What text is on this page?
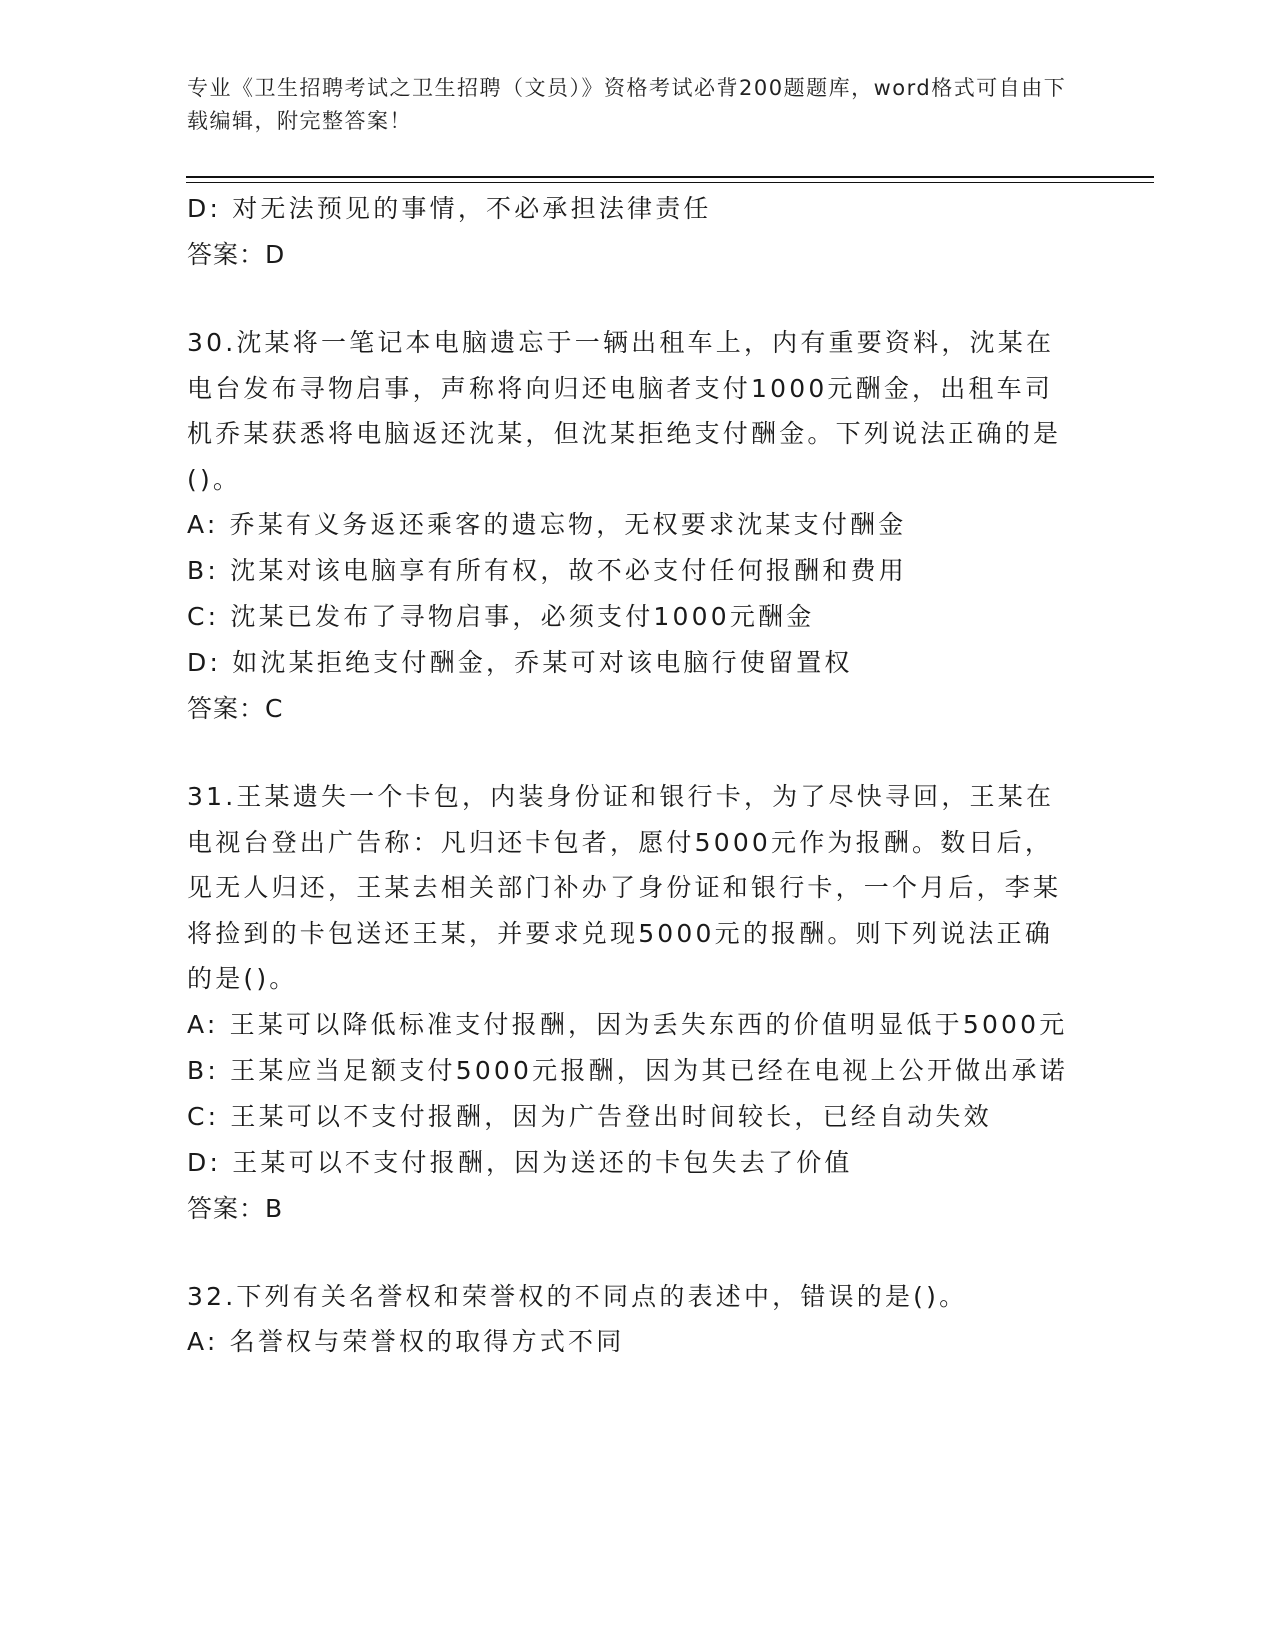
专业《卫生招聘考试之卫生招聘（文员）》资格考试必背200题题库，word格式可自由下载编辑，附完整答案！
D: 对无法预见的事情，不必承担法律责任
答案：D
30.沈某将一笔记本电脑遗忘于一辆出租车上，内有重要资料，沈某在电台发布寻物启事，声称将向归还电脑者支付1000元酬金，出租车司机乔某获悉将电脑返还沈某，但沈某拒绝支付酬金。下列说法正确的是()。
A: 乔某有义务返还乘客的遗忘物，无权要求沈某支付酬金
B: 沈某对该电脑享有所有权，故不必支付任何报酬和费用
C: 沈某已发布了寻物启事，必须支付1000元酬金
D: 如沈某拒绝支付酬金，乔某可对该电脑行使留置权
答案：C
31.王某遗失一个卡包，内装身份证和银行卡，为了尽快寻回，王某在电视台登出广告称：凡归还卡包者，愿付5000元作为报酬。数日后，见无人归还，王某去相关部门补办了身份证和银行卡，一个月后，李某将捡到的卡包送还王某，并要求兑现5000元的报酬。则下列说法正确的是()。
A: 王某可以降低标准支付报酬，因为丢失东西的价值明显低于5000元
B: 王某应当足额支付5000元报酬，因为其已经在电视上公开做出承诺
C: 王某可以不支付报酬，因为广告登出时间较长，已经自动失效
D: 王某可以不支付报酬，因为送还的卡包失去了价值
答案：B
32.下列有关名誉权和荣誉权的不同点的表述中，错误的是()。
A: 名誉权与荣誉权的取得方式不同
